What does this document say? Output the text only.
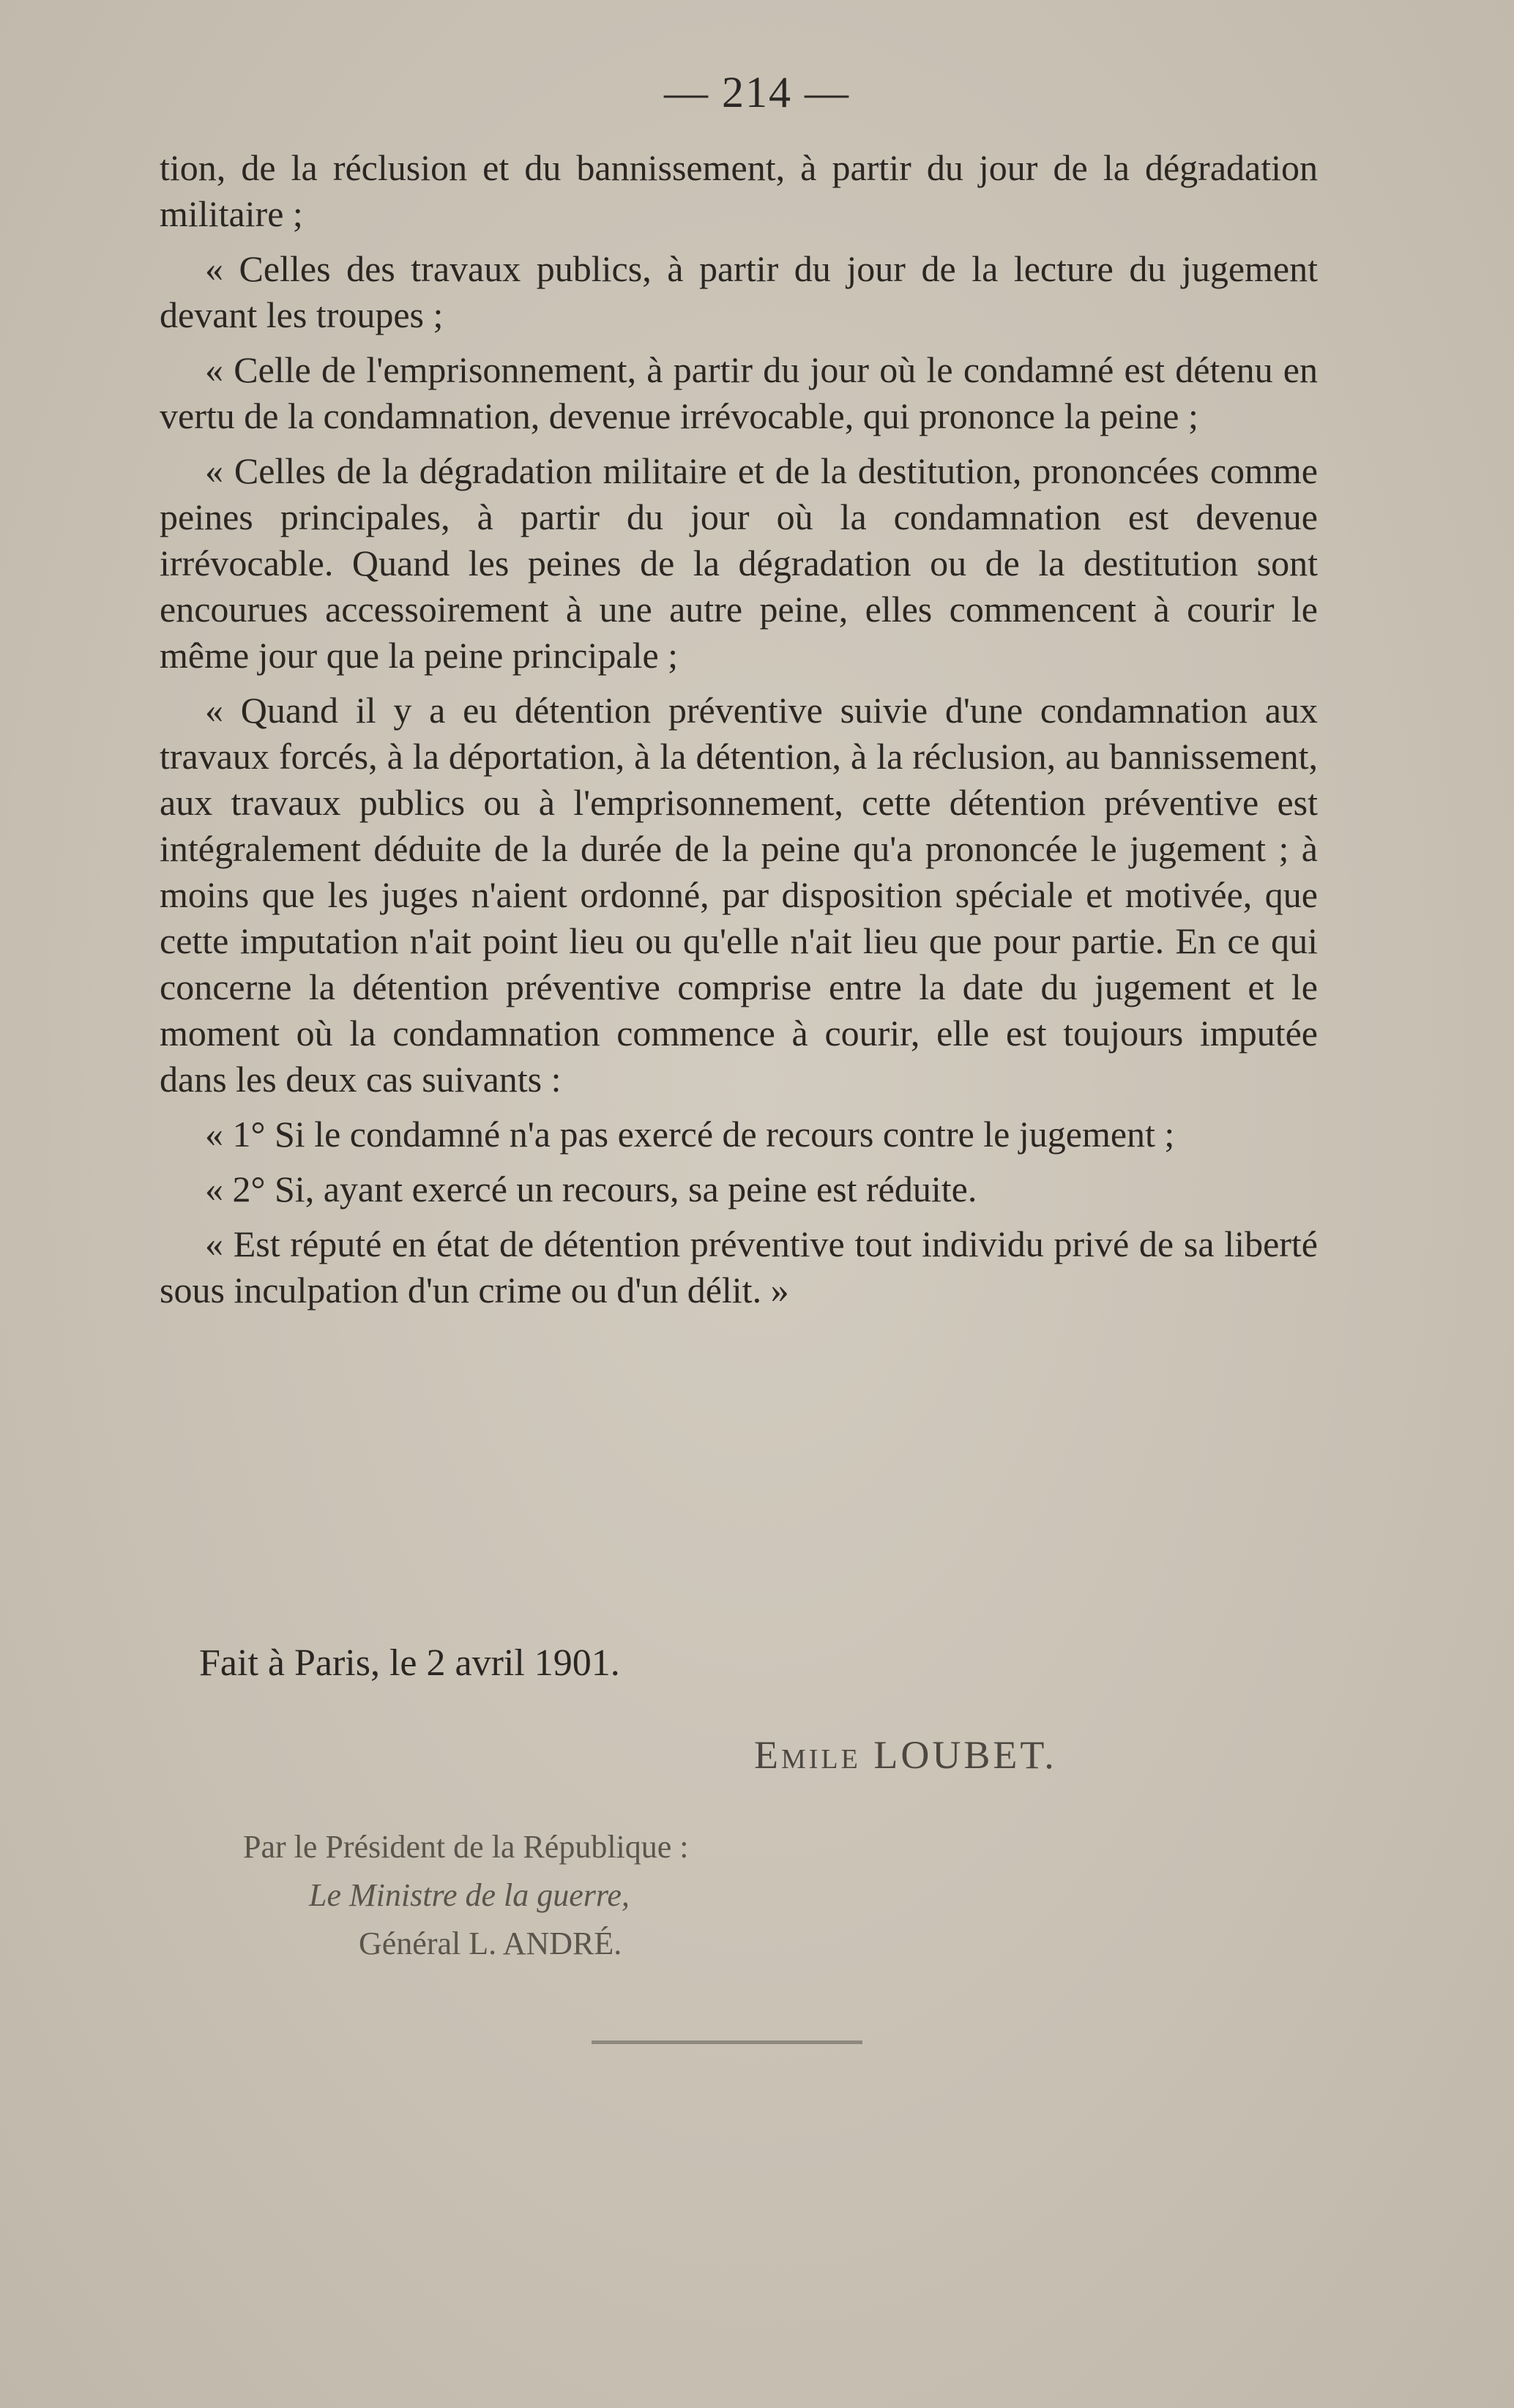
— 214 —

tion, de la réclusion et du bannissement, à partir du jour de la dégradation militaire ;

« Celles des travaux publics, à partir du jour de la lecture du jugement devant les troupes ;

« Celle de l'emprisonnement, à partir du jour où le condamné est détenu en vertu de la condamnation, devenue irrévocable, qui prononce la peine ;

« Celles de la dégradation militaire et de la destitution, prononcées comme peines principales, à partir du jour où la condamnation est devenue irrévocable. Quand les peines de la dégradation ou de la destitution sont encourues accessoirement à une autre peine, elles commencent à courir le même jour que la peine principale ;

« Quand il y a eu détention préventive suivie d'une condamnation aux travaux forcés, à la déportation, à la détention, à la réclusion, au bannissement, aux travaux publics ou à l'emprisonnement, cette détention préventive est intégralement déduite de la durée de la peine qu'a prononcée le jugement ; à moins que les juges n'aient ordonné, par disposition spéciale et motivée, que cette imputation n'ait point lieu ou qu'elle n'ait lieu que pour partie. En ce qui concerne la détention préventive comprise entre la date du jugement et le moment où la condamnation commence à courir, elle est toujours imputée dans les deux cas suivants :

« 1° Si le condamné n'a pas exercé de recours contre le jugement ;

« 2° Si, ayant exercé un recours, sa peine est réduite.

« Est réputé en état de détention préventive tout individu privé de sa liberté sous inculpation d'un crime ou d'un délit. »

Fait à Paris, le 2 avril 1901.
Emile LOUBET.
Par le Président de la République :
Le Ministre de la guerre,
Général L. ANDRÉ.
